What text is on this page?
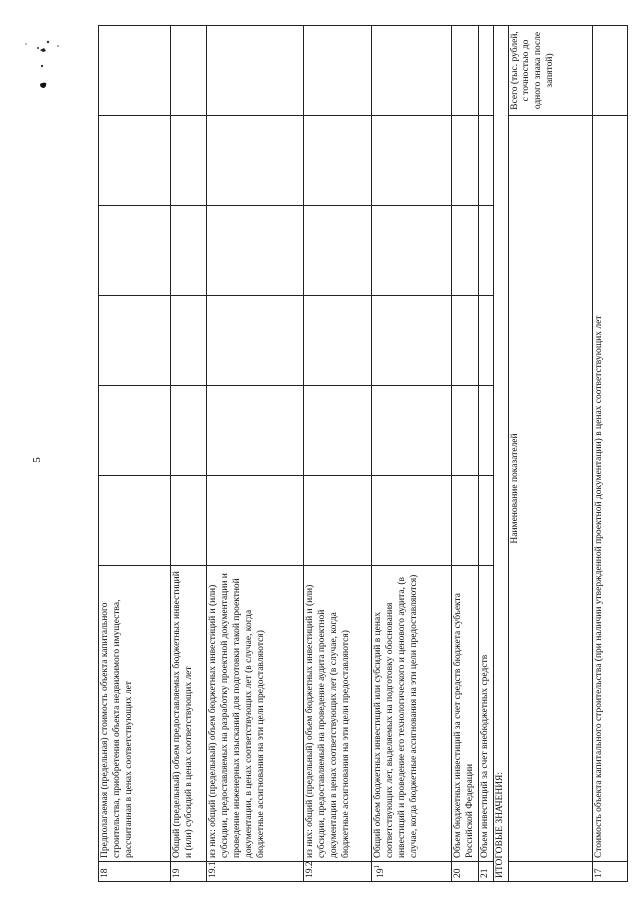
5
18	Предполагаемая (предельная) стоимость объекта капитального строительства, приобретения объекта недвижимого имущества, рассчитанная в ценах соответствующих лет						
19	Общий (предельный) объем предоставляемых бюджетных инвестиций и (или) субсидий в ценах соответствующих лет						
19.1	из них: общий (предельный) объем бюджетных инвестиций и (или) субсидии, предоставляемых на разработку проектной документации и проведение инженерных изысканий для подготовки такой проектной документации, в ценах соответствующих лет (в случае, когда бюджетные ассигнования на эти цели предоставляются)						
19.2	из них: общий (предельный) объем бюджетных инвестиций и (или) субсидии, предоставляемый на проведение аудита проектной документации в ценах соответствующих лет (в случае, когда бюджетные ассигнования на эти цели предоставляются)						
$19^1$	Общий объем бюджетных инвестиций или субсидий в ценах соответствующих лет, выделяемых на подготовку обоснования инвестиций и проведение его технологического и ценового аудита, (в случае, когда бюджетные ассигнования на эти цели предоставляются)						
20	Объем бюджетных инвестиций за счет средств бюджета субъекта Российской Федерации						
21	Объем инвестиций за счет внебюджетных средств						
ИТОГОВЫЕ ЗНАЧЕНИЯ:							
	Наименование показателей						Всего (тыс. рублей, с точностью до одного знака после запятой)
17	Стоимость объекта капитального строительства (при наличии утвержденной проектной документации) в ценах соответствующих лет						
